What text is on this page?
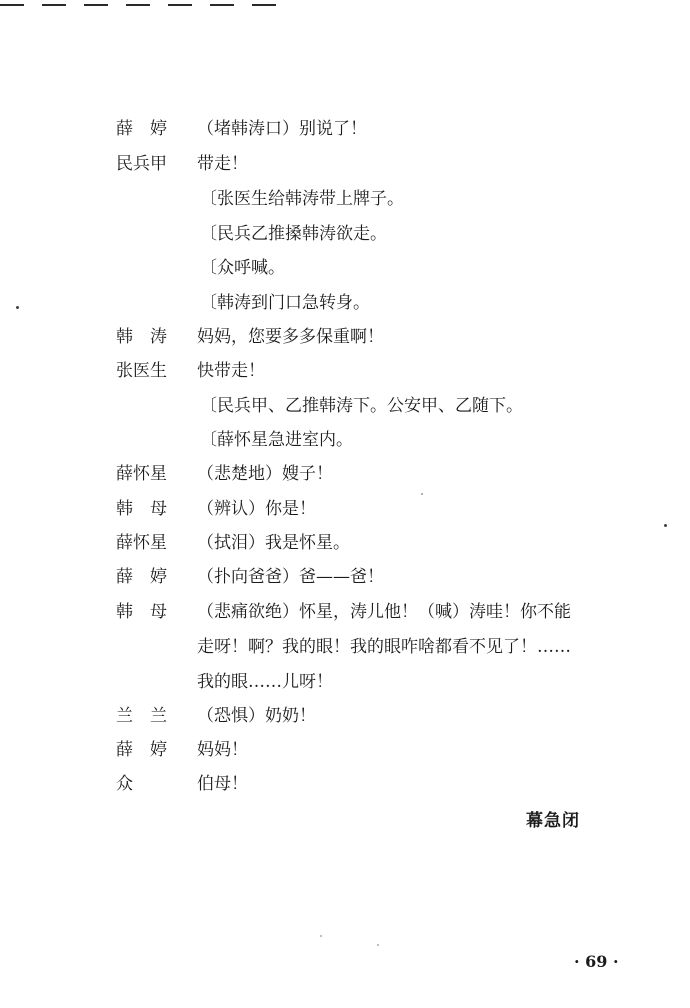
薛　婷	（堵韩涛口）别说了！
民兵甲	带走！
〔张医生给韩涛带上牌子。
〔民兵乙推搡韩涛欲走。
〔众呼喊。
〔韩涛到门口急转身。
韩　涛	妈妈，您要多多保重啊！
张医生	快带走！
〔民兵甲、乙推韩涛下。公安甲、乙随下。
〔薛怀星急进室内。
薛怀星	（悲楚地）嫂子！
韩　母	（辨认）你是！
薛怀星	（拭泪）我是怀星。
薛　婷	（扑向爸爸）爸——爸！
韩　母	（悲痛欲绝）怀星，涛儿他！（喊）涛哇！你不能
走呀！啊？我的眼！我的眼咋啥都看不见了！……
我的眼……儿呀！
兰　兰	（恐惧）奶奶！
薛　婷	妈妈！
众	伯母！
幕急闭
· 69 ·
